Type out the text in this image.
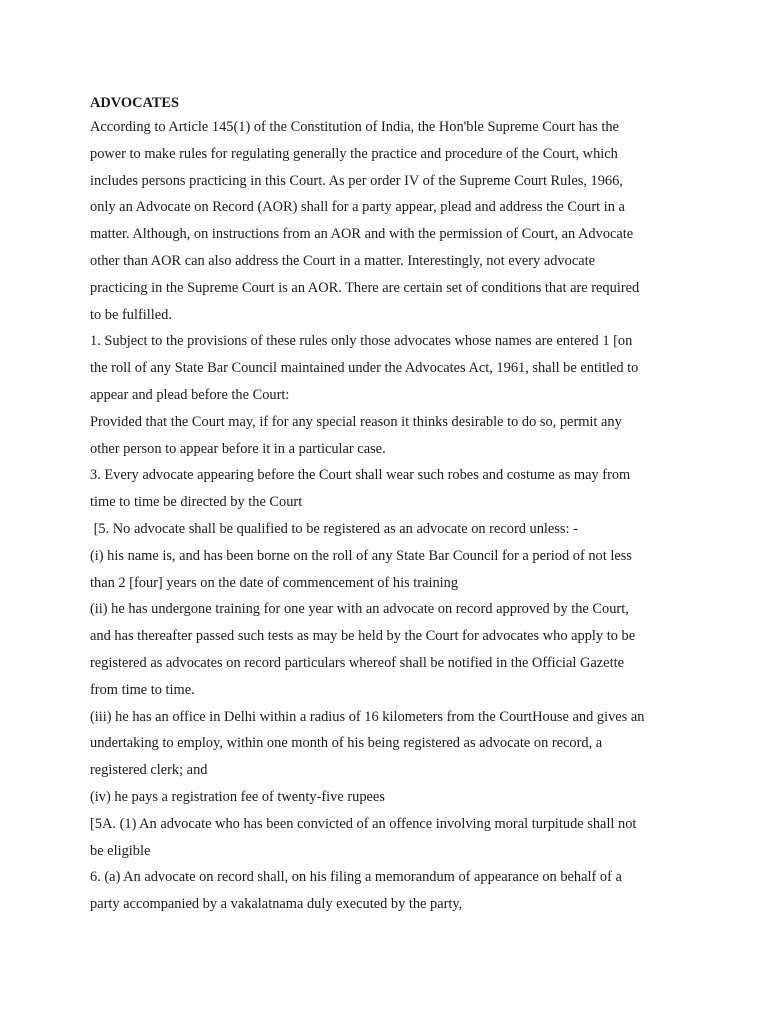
ADVOCATES
According to Article 145(1) of the Constitution of India, the Hon'ble Supreme Court has the
power to make rules for regulating generally the practice and procedure of the Court, which
includes persons practicing in this Court. As per order IV of the Supreme Court Rules, 1966,
only an Advocate on Record (AOR) shall for a party appear, plead and address the Court in a
matter. Although, on instructions from an AOR and with the permission of Court, an Advocate
other than AOR can also address the Court in a matter. Interestingly, not every advocate
practicing in the Supreme Court is an AOR. There are certain set of conditions that are required
to be fulfilled.
1. Subject to the provisions of these rules only those advocates whose names are entered 1 [on
the roll of any State Bar Council maintained under the Advocates Act, 1961, shall be entitled to
appear and plead before the Court:
Provided that the Court may, if for any special reason it thinks desirable to do so, permit any
other person to appear before it in a particular case.
3. Every advocate appearing before the Court shall wear such robes and costume as may from
time to time be directed by the Court
[5. No advocate shall be qualified to be registered as an advocate on record unless: -
(i) his name is, and has been borne on the roll of any State Bar Council for a period of not less
than 2 [four] years on the date of commencement of his training
(ii) he has undergone training for one year with an advocate on record approved by the Court,
and has thereafter passed such tests as may be held by the Court for advocates who apply to be
registered as advocates on record particulars whereof shall be notified in the Official Gazette
from time to time.
(iii) he has an office in Delhi within a radius of 16 kilometers from the CourtHouse and gives an
undertaking to employ, within one month of his being registered as advocate on record, a
registered clerk; and
(iv) he pays a registration fee of twenty-five rupees
[5A. (1) An advocate who has been convicted of an offence involving moral turpitude shall not
be eligible
6. (a) An advocate on record shall, on his filing a memorandum of appearance on behalf of a
party accompanied by a vakalatnama duly executed by the party,
